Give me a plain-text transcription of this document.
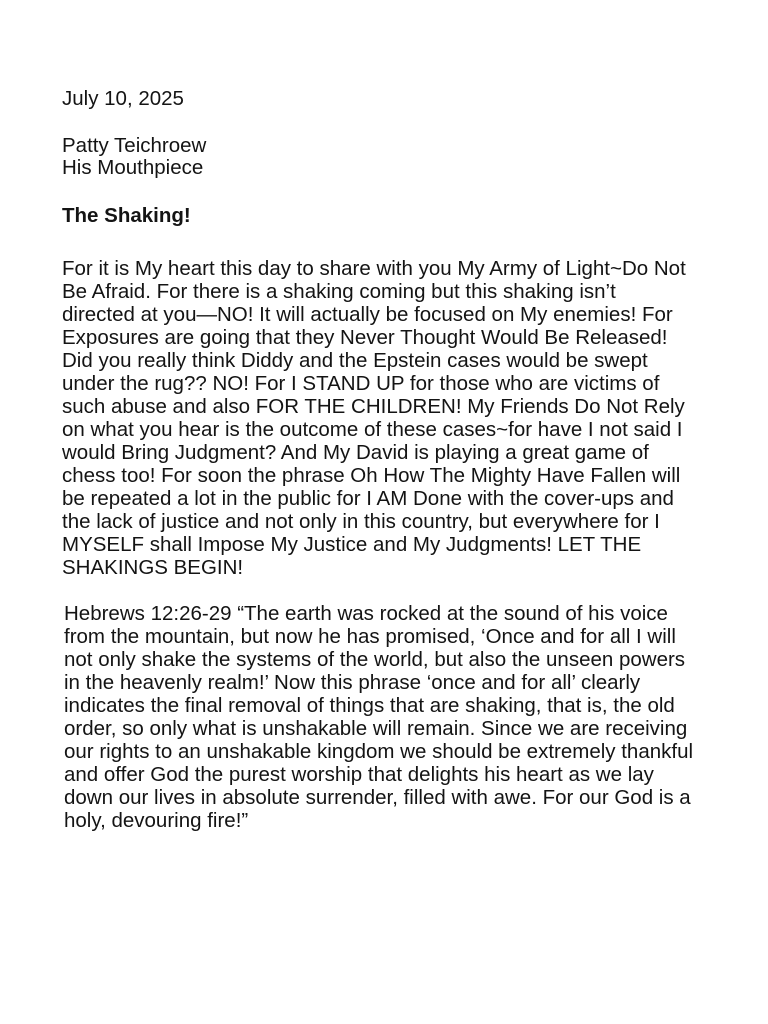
July 10, 2025
Patty Teichroew
His Mouthpiece
The Shaking!
For it is My heart this day to share with you My Army of Light~Do Not
Be Afraid. For there is a shaking coming but this shaking isn’t
directed at you—NO! It will actually be focused on My enemies! For
Exposures are going that they Never Thought Would Be Released!
Did you really think Diddy and the Epstein cases would be swept
under the rug?? NO! For I STAND UP for those who are victims of
such abuse and also FOR THE CHILDREN! My Friends Do Not Rely
on what you hear is the outcome of these cases~for have I not said I
would Bring Judgment? And My David is playing a great game of
chess too! For soon the phrase Oh How The Mighty Have Fallen will
be repeated a lot in the public for I AM Done with the cover-ups and
the lack of justice and not only in this country, but everywhere for I
MYSELF shall Impose My Justice and My Judgments! LET THE
SHAKINGS BEGIN!
Hebrews 12:26-29 “The earth was rocked at the sound of his voice
from the mountain, but now he has promised, ‘Once and for all I will
not only shake the systems of the world, but also the unseen powers
in the heavenly realm!’ Now this phrase ‘once and for all’ clearly
indicates the final removal of things that are shaking, that is, the old
order, so only what is unshakable will remain. Since we are receiving
our rights to an unshakable kingdom we should be extremely thankful
and offer God the purest worship that delights his heart as we lay
down our lives in absolute surrender, filled with awe. For our God is a
holy, devouring fire!”
